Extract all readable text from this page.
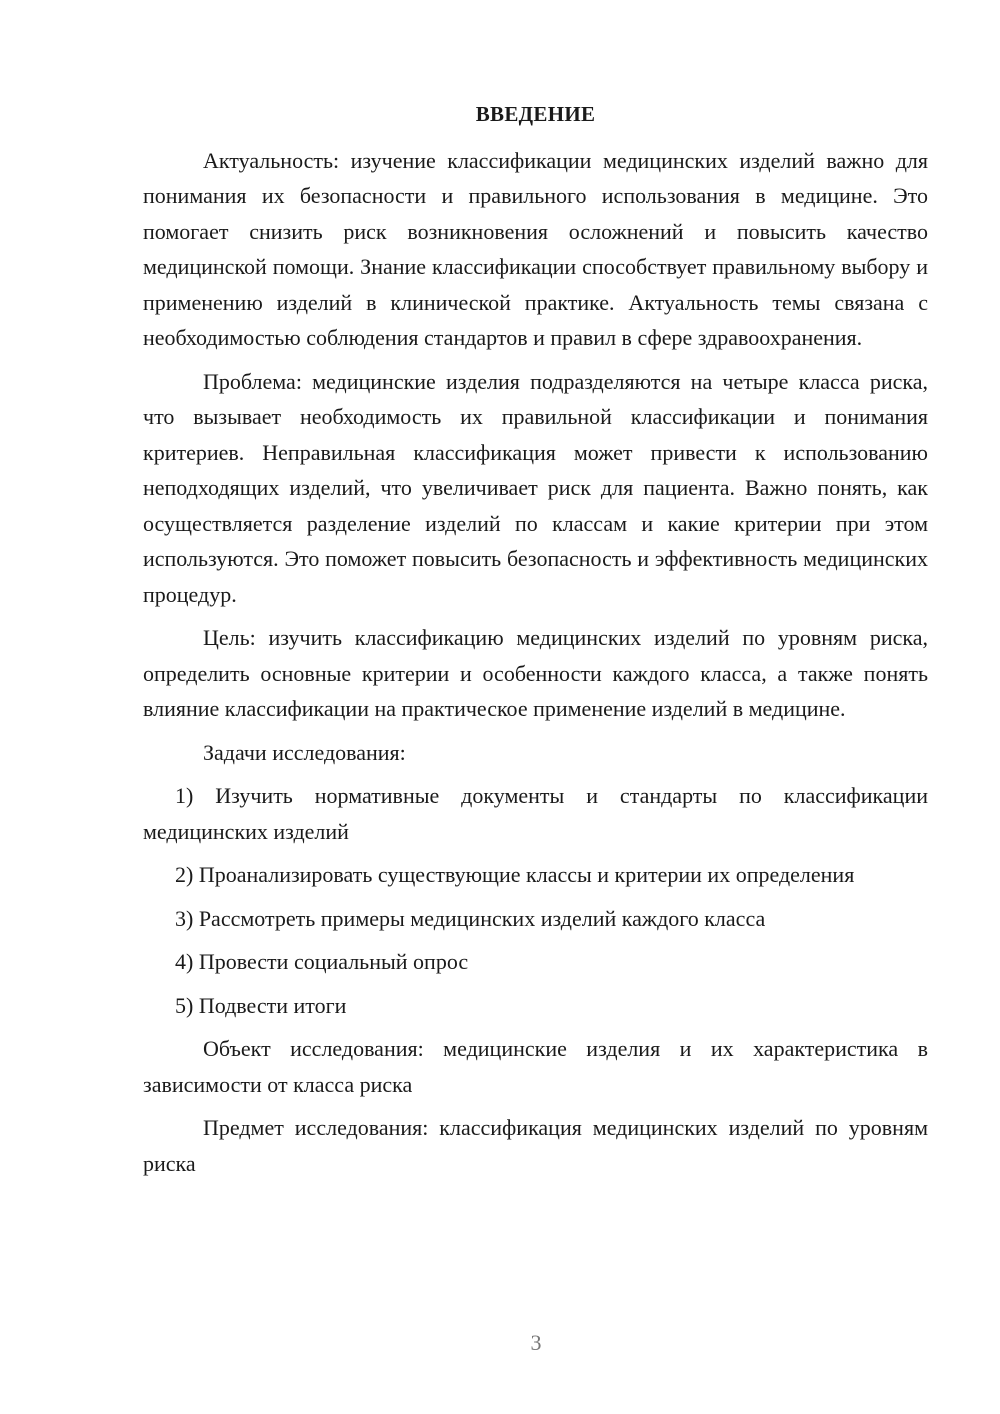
ВВЕДЕНИЕ

Актуальность: изучение классификации медицинских изделий важно для понимания их безопасности и правильного использования в медицине. Это помогает снизить риск возникновения осложнений и повысить качество медицинской помощи. Знание классификации способствует правильному выбору и применению изделий в клинической практике. Актуальность темы связана с необходимостью соблюдения стандартов и правил в сфере здравоохранения.

Проблема: медицинские изделия подразделяются на четыре класса риска, что вызывает необходимость их правильной классификации и понимания критериев. Неправильная классификация может привести к использованию неподходящих изделий, что увеличивает риск для пациента. Важно понять, как осуществляется разделение изделий по классам и какие критерии при этом используются. Это поможет повысить безопасность и эффективность медицинских процедур.

Цель: изучить классификацию медицинских изделий по уровням риска, определить основные критерии и особенности каждого класса, а также понять влияние классификации на практическое применение изделий в медицине.

Задачи исследования:

1) Изучить нормативные документы и стандарты по классификации медицинских изделий

2) Проанализировать существующие классы и критерии их определения

3) Рассмотреть примеры медицинских изделий каждого класса

4) Провести социальный опрос

5) Подвести итоги

Объект исследования: медицинские изделия и их характеристика в зависимости от класса риска

Предмет исследования: классификация медицинских изделий по уровням риска

3
